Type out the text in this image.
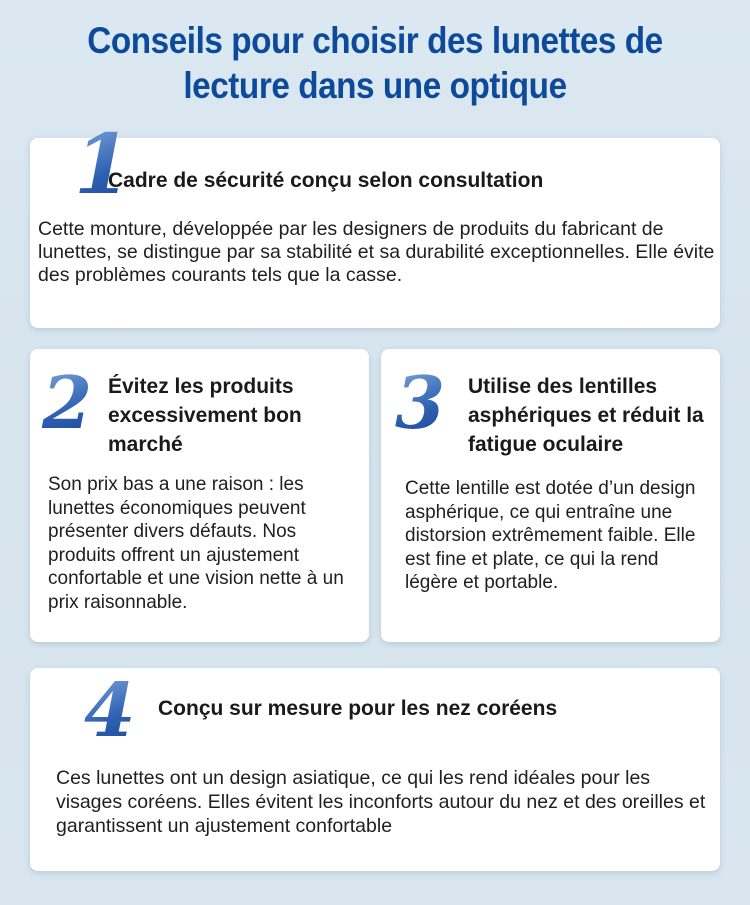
Conseils pour choisir des lunettes de
lecture dans une optique
1
Cadre de sécurité conçu selon consultation
Cette monture, développée par les designers de produits du fabricant de lunettes, se distingue par sa stabilité et sa durabilité exceptionnelles. Elle évite des problèmes courants tels que la casse.
2 Évitez les produits excessivement bon marché
Son prix bas a une raison : les lunettes économiques peuvent présenter divers défauts. Nos produits offrent un ajustement confortable et une vision nette à un prix raisonnable.
3 Utilise des lentilles asphériques et réduit la fatigue oculaire
Cette lentille est dotée d’un design asphérique, ce qui entraîne une distorsion extrêmement faible. Elle est fine et plate, ce qui la rend légère et portable.
4 Conçu sur mesure pour les nez coréens
Ces lunettes ont un design asiatique, ce qui les rend idéales pour les visages coréens. Elles évitent les inconforts autour du nez et des oreilles et garantissent un ajustement confortable
